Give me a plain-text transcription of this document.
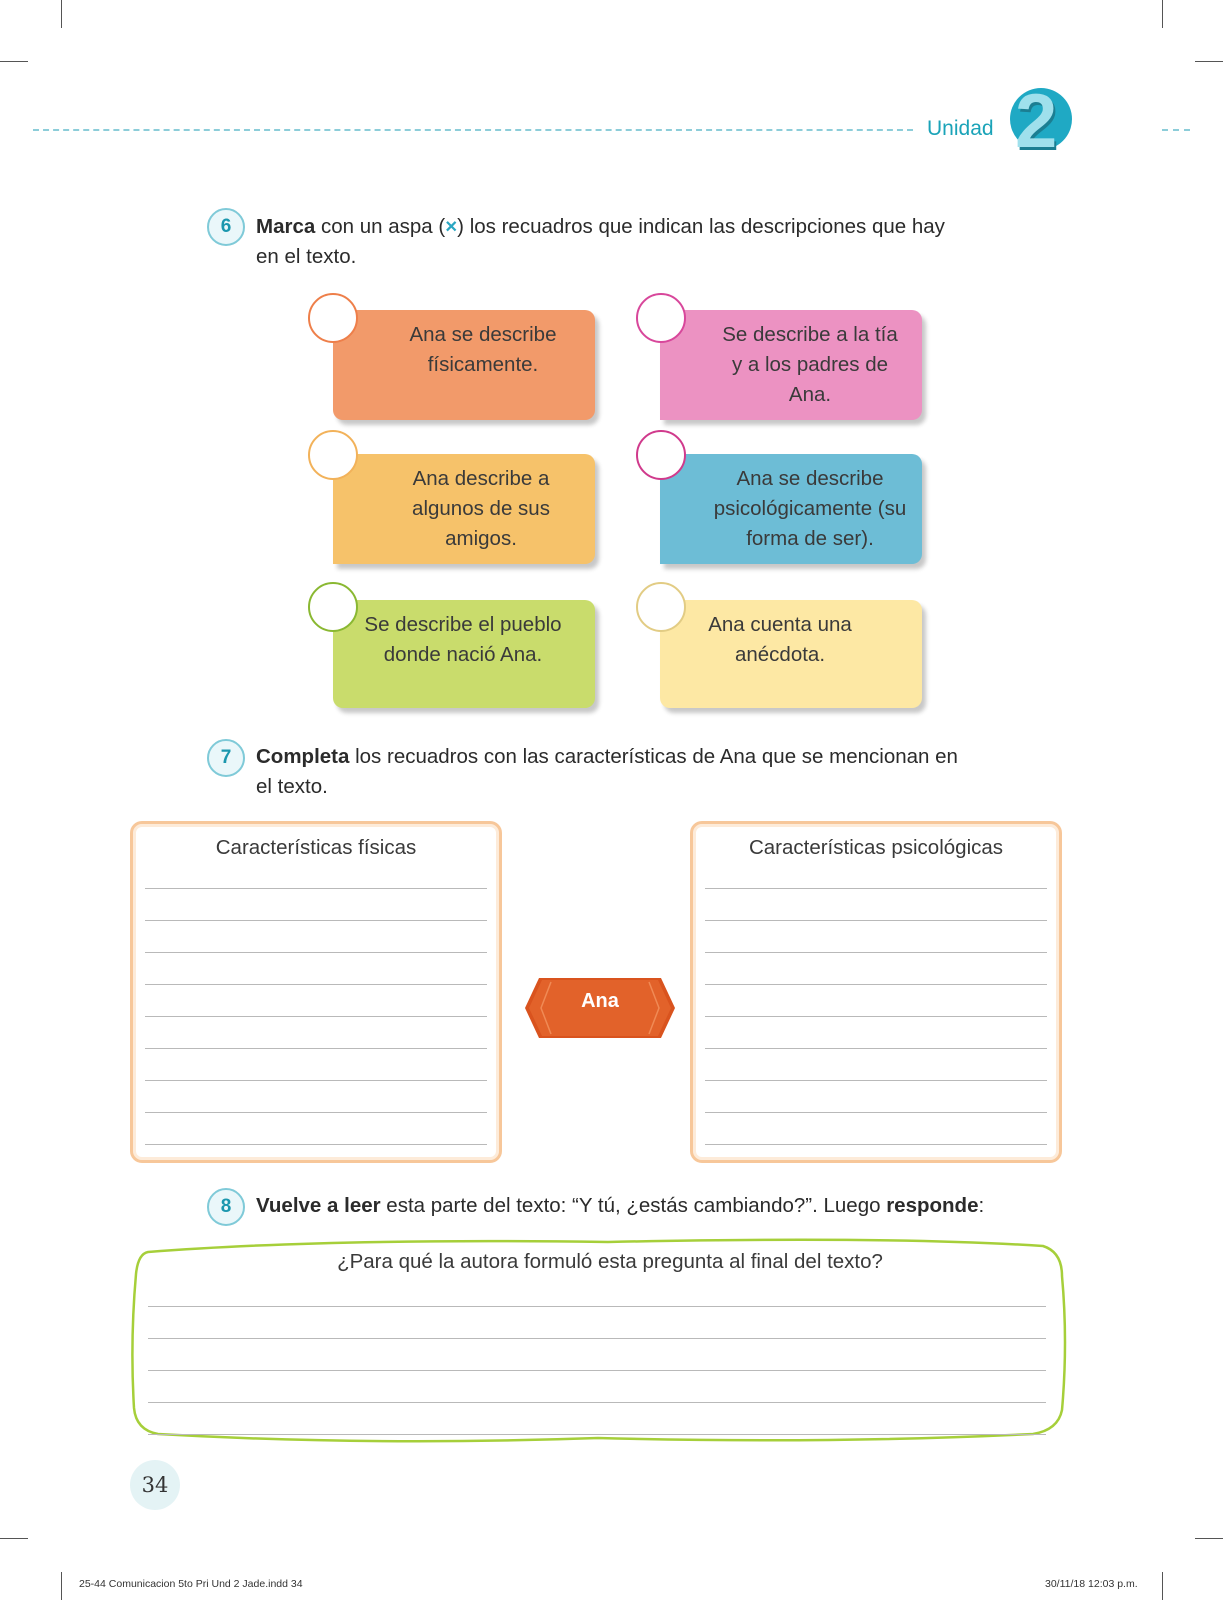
Unidad 2
6	Marca con un aspa (×) los recuadros que indican las descripciones que hay
en el texto.
Ana se describe físicamente.
Se describe a la tía y a los padres de Ana.
Ana describe a algunos de sus amigos.
Ana se describe psicológicamente (su forma de ser).
Se describe el pueblo donde nació Ana.
Ana cuenta una anécdota.
7	Completa los recuadros con las características de Ana que se mencionan en
el texto.
Características físicas	Características psicológicas
Ana
8	Vuelve a leer esta parte del texto: “Y tú, ¿estás cambiando?”. Luego responde:
¿Para qué la autora formuló esta pregunta al final del texto?
34
25-44 Comunicacion 5to Pri Und 2 Jade.indd 34	30/11/18 12:03 p.m.
